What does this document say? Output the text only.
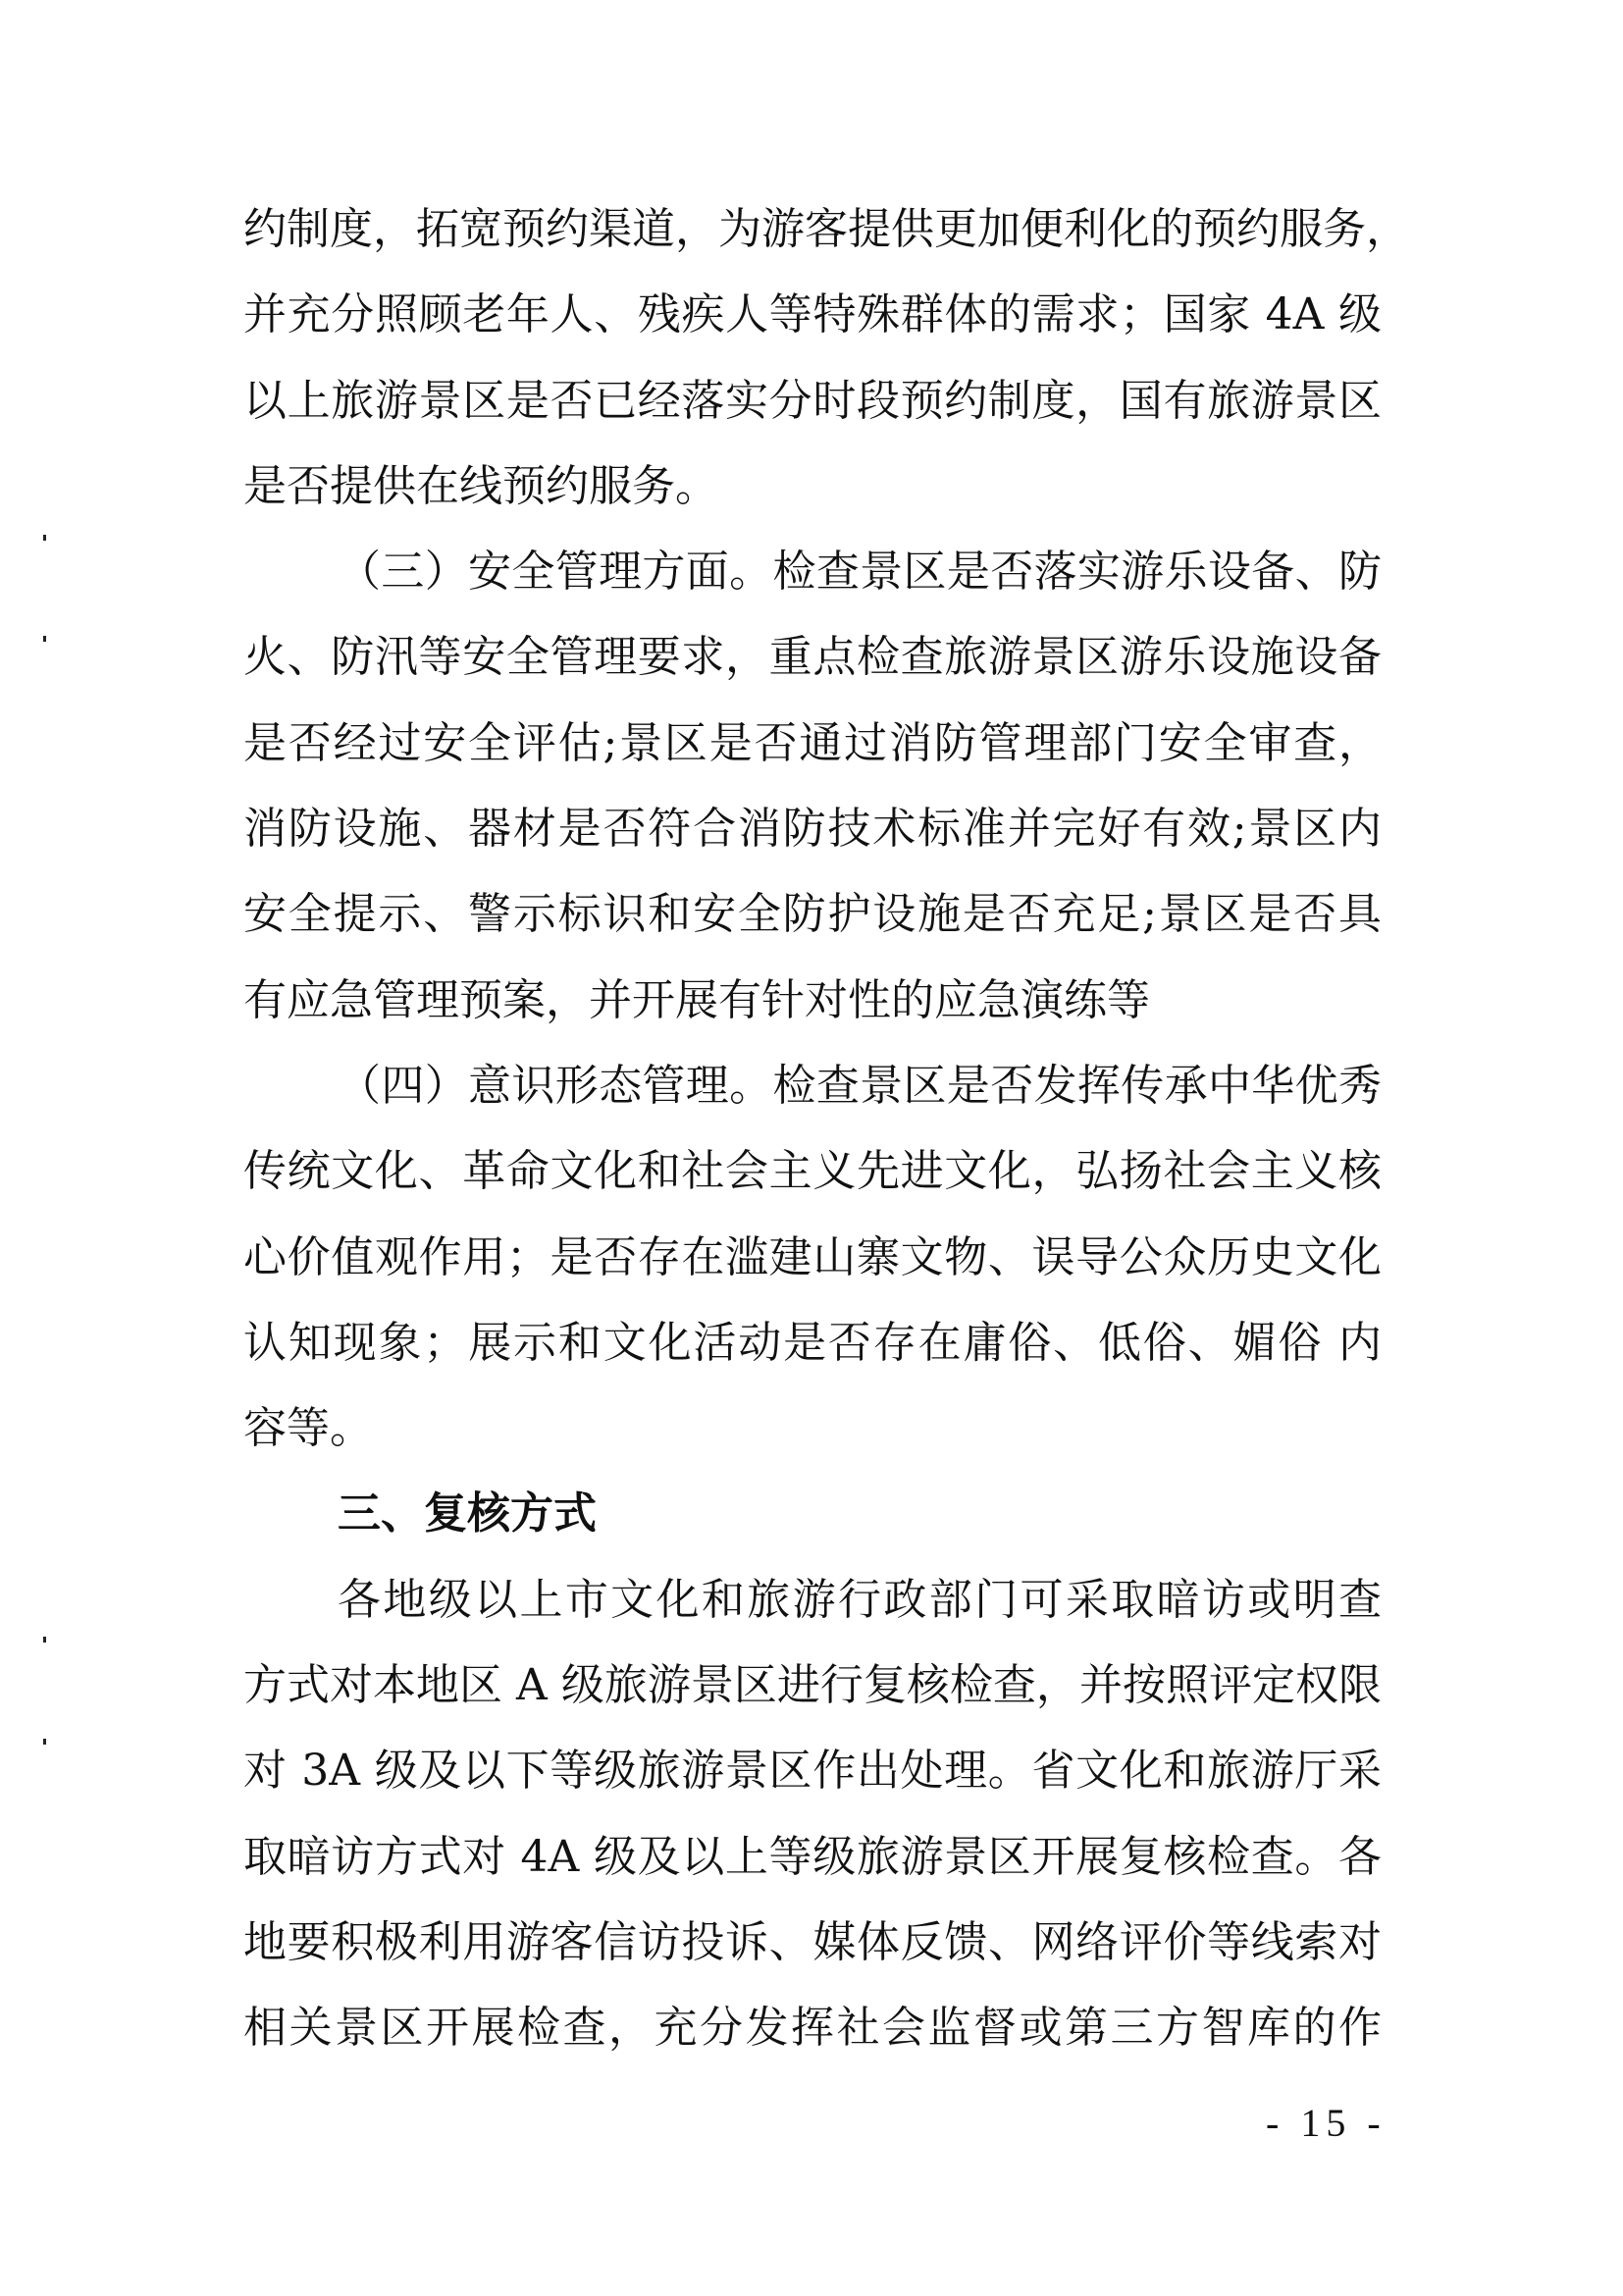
约制度，拓宽预约渠道，为游客提供更加便利化的预约服务，
并充分照顾老年人、残疾人等特殊群体的需求；国家 4A 级
以上旅游景区是否已经落实分时段预约制度，国有旅游景区
是否提供在线预约服务。
（三）安全管理方面。检查景区是否落实游乐设备、防
火、防汛等安全管理要求，重点检查旅游景区游乐设施设备
是否经过安全评估;景区是否通过消防管理部门安全审查，
消防设施、器材是否符合消防技术标准并完好有效;景区内
安全提示、警示标识和安全防护设施是否充足;景区是否具
有应急管理预案，并开展有针对性的应急演练等
（四）意识形态管理。检查景区是否发挥传承中华优秀
传统文化、革命文化和社会主义先进文化，弘扬社会主义核
心价值观作用；是否存在滥建山寨文物、误导公众历史文化
认知现象；展示和文化活动是否存在庸俗、低俗、媚俗 内
容等。
三、复核方式
各地级以上市文化和旅游行政部门可采取暗访或明查
方式对本地区 A 级旅游景区进行复核检查，并按照评定权限
对 3A 级及以下等级旅游景区作出处理。省文化和旅游厅采
取暗访方式对 4A 级及以上等级旅游景区开展复核检查。各
地要积极利用游客信访投诉、媒体反馈、网络评价等线索对
相关景区开展检查，充分发挥社会监督或第三方智库的作
- 15 -
